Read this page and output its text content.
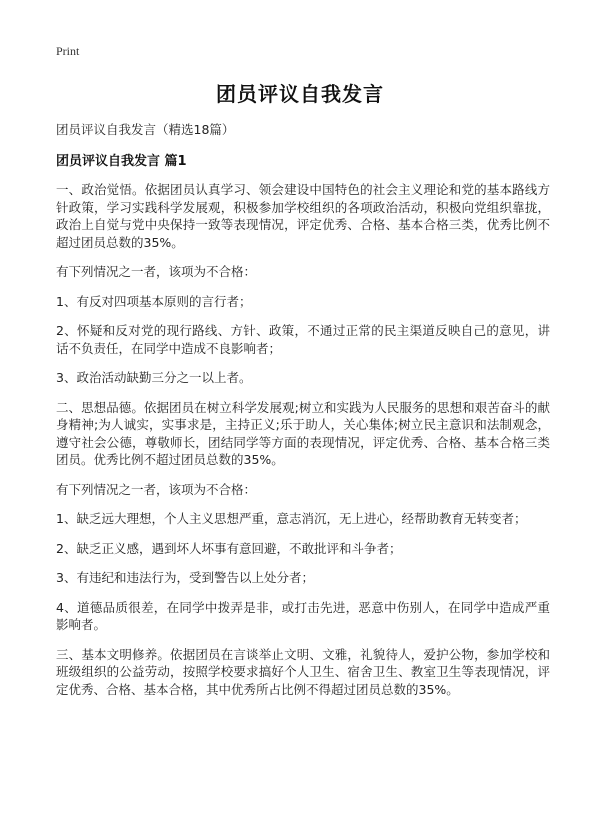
Print
团员评议自我发言
团员评议自我发言（精选18篇）
团员评议自我发言 篇1

一、政治觉悟。依据团员认真学习、领会建设中国特色的社会主义理论和党的基本路线方针政策，学习实践科学发展观，积极参加学校组织的各项政治活动，积极向党组织靠拢，政治上自觉与党中央保持一致等表现情况，评定优秀、合格、基本合格三类，优秀比例不超过团员总数的35%。

有下列情况之一者，该项为不合格：

1、有反对四项基本原则的言行者；

2、怀疑和反对党的现行路线、方针、政策，不通过正常的民主渠道反映自己的意见，讲话不负责任，在同学中造成不良影响者；

3、政治活动缺勤三分之一以上者。

二、思想品德。依据团员在树立科学发展观;树立和实践为人民服务的思想和艰苦奋斗的献身精神;为人诚实，实事求是，主持正义;乐于助人，关心集体;树立民主意识和法制观念，遵守社会公德，尊敬师长，团结同学等方面的表现情况，评定优秀、合格、基本合格三类团员。优秀比例不超过团员总数的35%。

有下列情况之一者，该项为不合格：

1、缺乏远大理想，个人主义思想严重，意志消沉，无上进心，经帮助教育无转变者；

2、缺乏正义感，遇到坏人坏事有意回避，不敢批评和斗争者；

3、有违纪和违法行为，受到警告以上处分者；

4、道德品质很差，在同学中拨弄是非，或打击先进，恶意中伤别人，在同学中造成严重影响者。

三、基本文明修养。依据团员在言谈举止文明、文雅，礼貌待人，爱护公物，参加学校和班级组织的公益劳动，按照学校要求搞好个人卫生、宿舍卫生、教室卫生等表现情况，评定优秀、合格、基本合格，其中优秀所占比例不得超过团员总数的35%。
